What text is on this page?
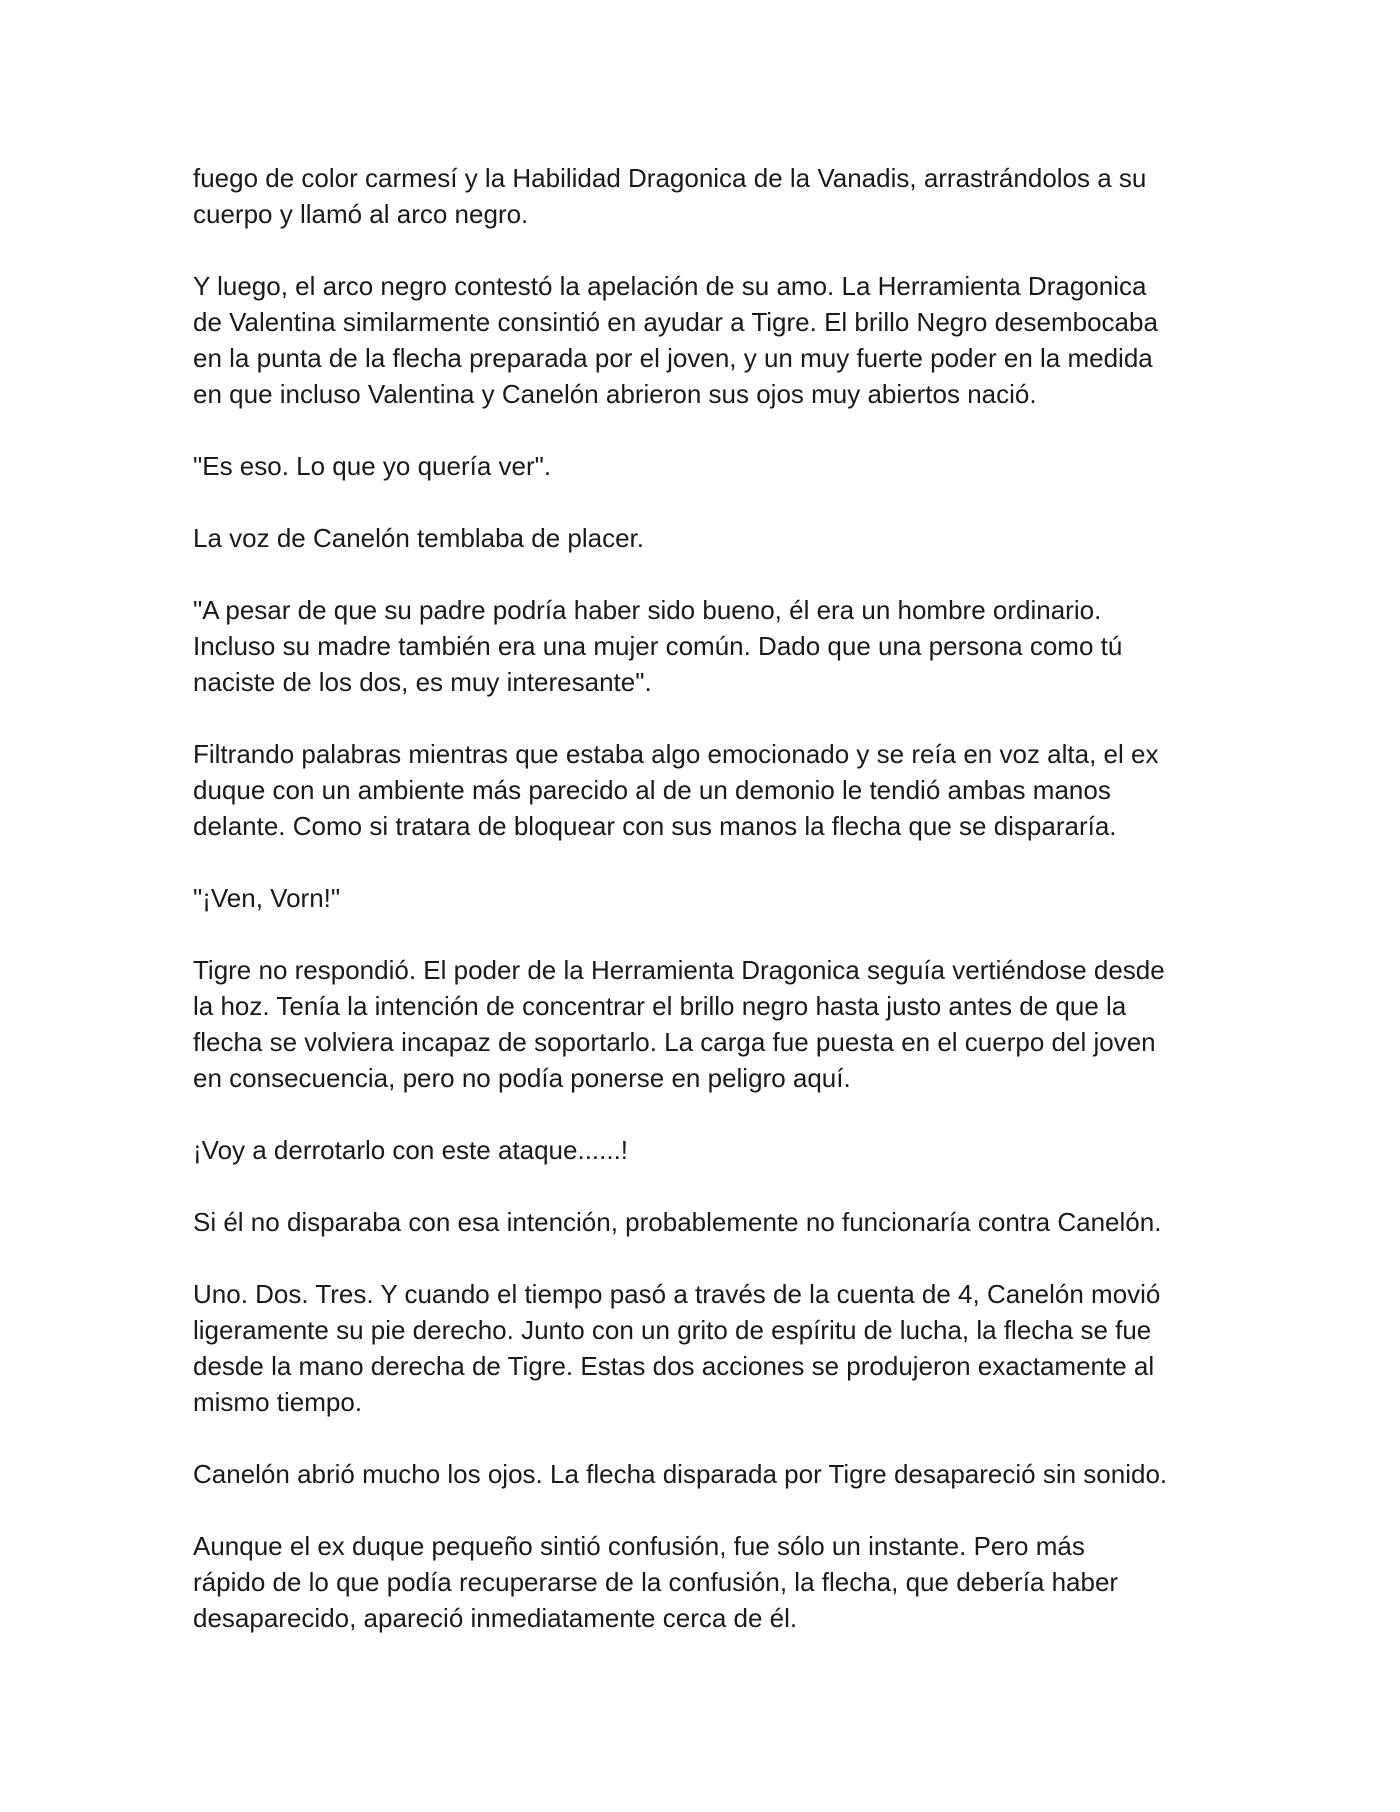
fuego de color carmesí y la Habilidad Dragonica de la Vanadis, arrastrándolos a su
cuerpo y llamó al arco negro.

Y luego, el arco negro contestó la apelación de su amo. La Herramienta Dragonica
de Valentina similarmente consintió en ayudar a Tigre. El brillo Negro desembocaba
en la punta de la flecha preparada por el joven, y un muy fuerte poder en la medida
en que incluso Valentina y Canelón abrieron sus ojos muy abiertos nació.

"Es eso. Lo que yo quería ver".

La voz de Canelón temblaba de placer.

"A pesar de que su padre podría haber sido bueno, él era un hombre ordinario.
Incluso su madre también era una mujer común. Dado que una persona como tú
naciste de los dos, es muy interesante".

Filtrando palabras mientras que estaba algo emocionado y se reía en voz alta, el ex
duque con un ambiente más parecido al de un demonio le tendió ambas manos
delante. Como si tratara de bloquear con sus manos la flecha que se dispararía.

"¡Ven, Vorn!"

Tigre no respondió. El poder de la Herramienta Dragonica seguía vertiéndose desde
la hoz. Tenía la intención de concentrar el brillo negro hasta justo antes de que la
flecha se volviera incapaz de soportarlo. La carga fue puesta en el cuerpo del joven
en consecuencia, pero no podía ponerse en peligro aquí.

¡Voy a derrotarlo con este ataque......!

Si él no disparaba con esa intención, probablemente no funcionaría contra Canelón.

Uno. Dos. Tres. Y cuando el tiempo pasó a través de la cuenta de 4, Canelón movió
ligeramente su pie derecho. Junto con un grito de espíritu de lucha, la flecha se fue
desde la mano derecha de Tigre. Estas dos acciones se produjeron exactamente al
mismo tiempo.

Canelón abrió mucho los ojos. La flecha disparada por Tigre desapareció sin sonido.

Aunque el ex duque pequeño sintió confusión, fue sólo un instante. Pero más
rápido de lo que podía recuperarse de la confusión, la flecha, que debería haber
desaparecido, apareció inmediatamente cerca de él.
